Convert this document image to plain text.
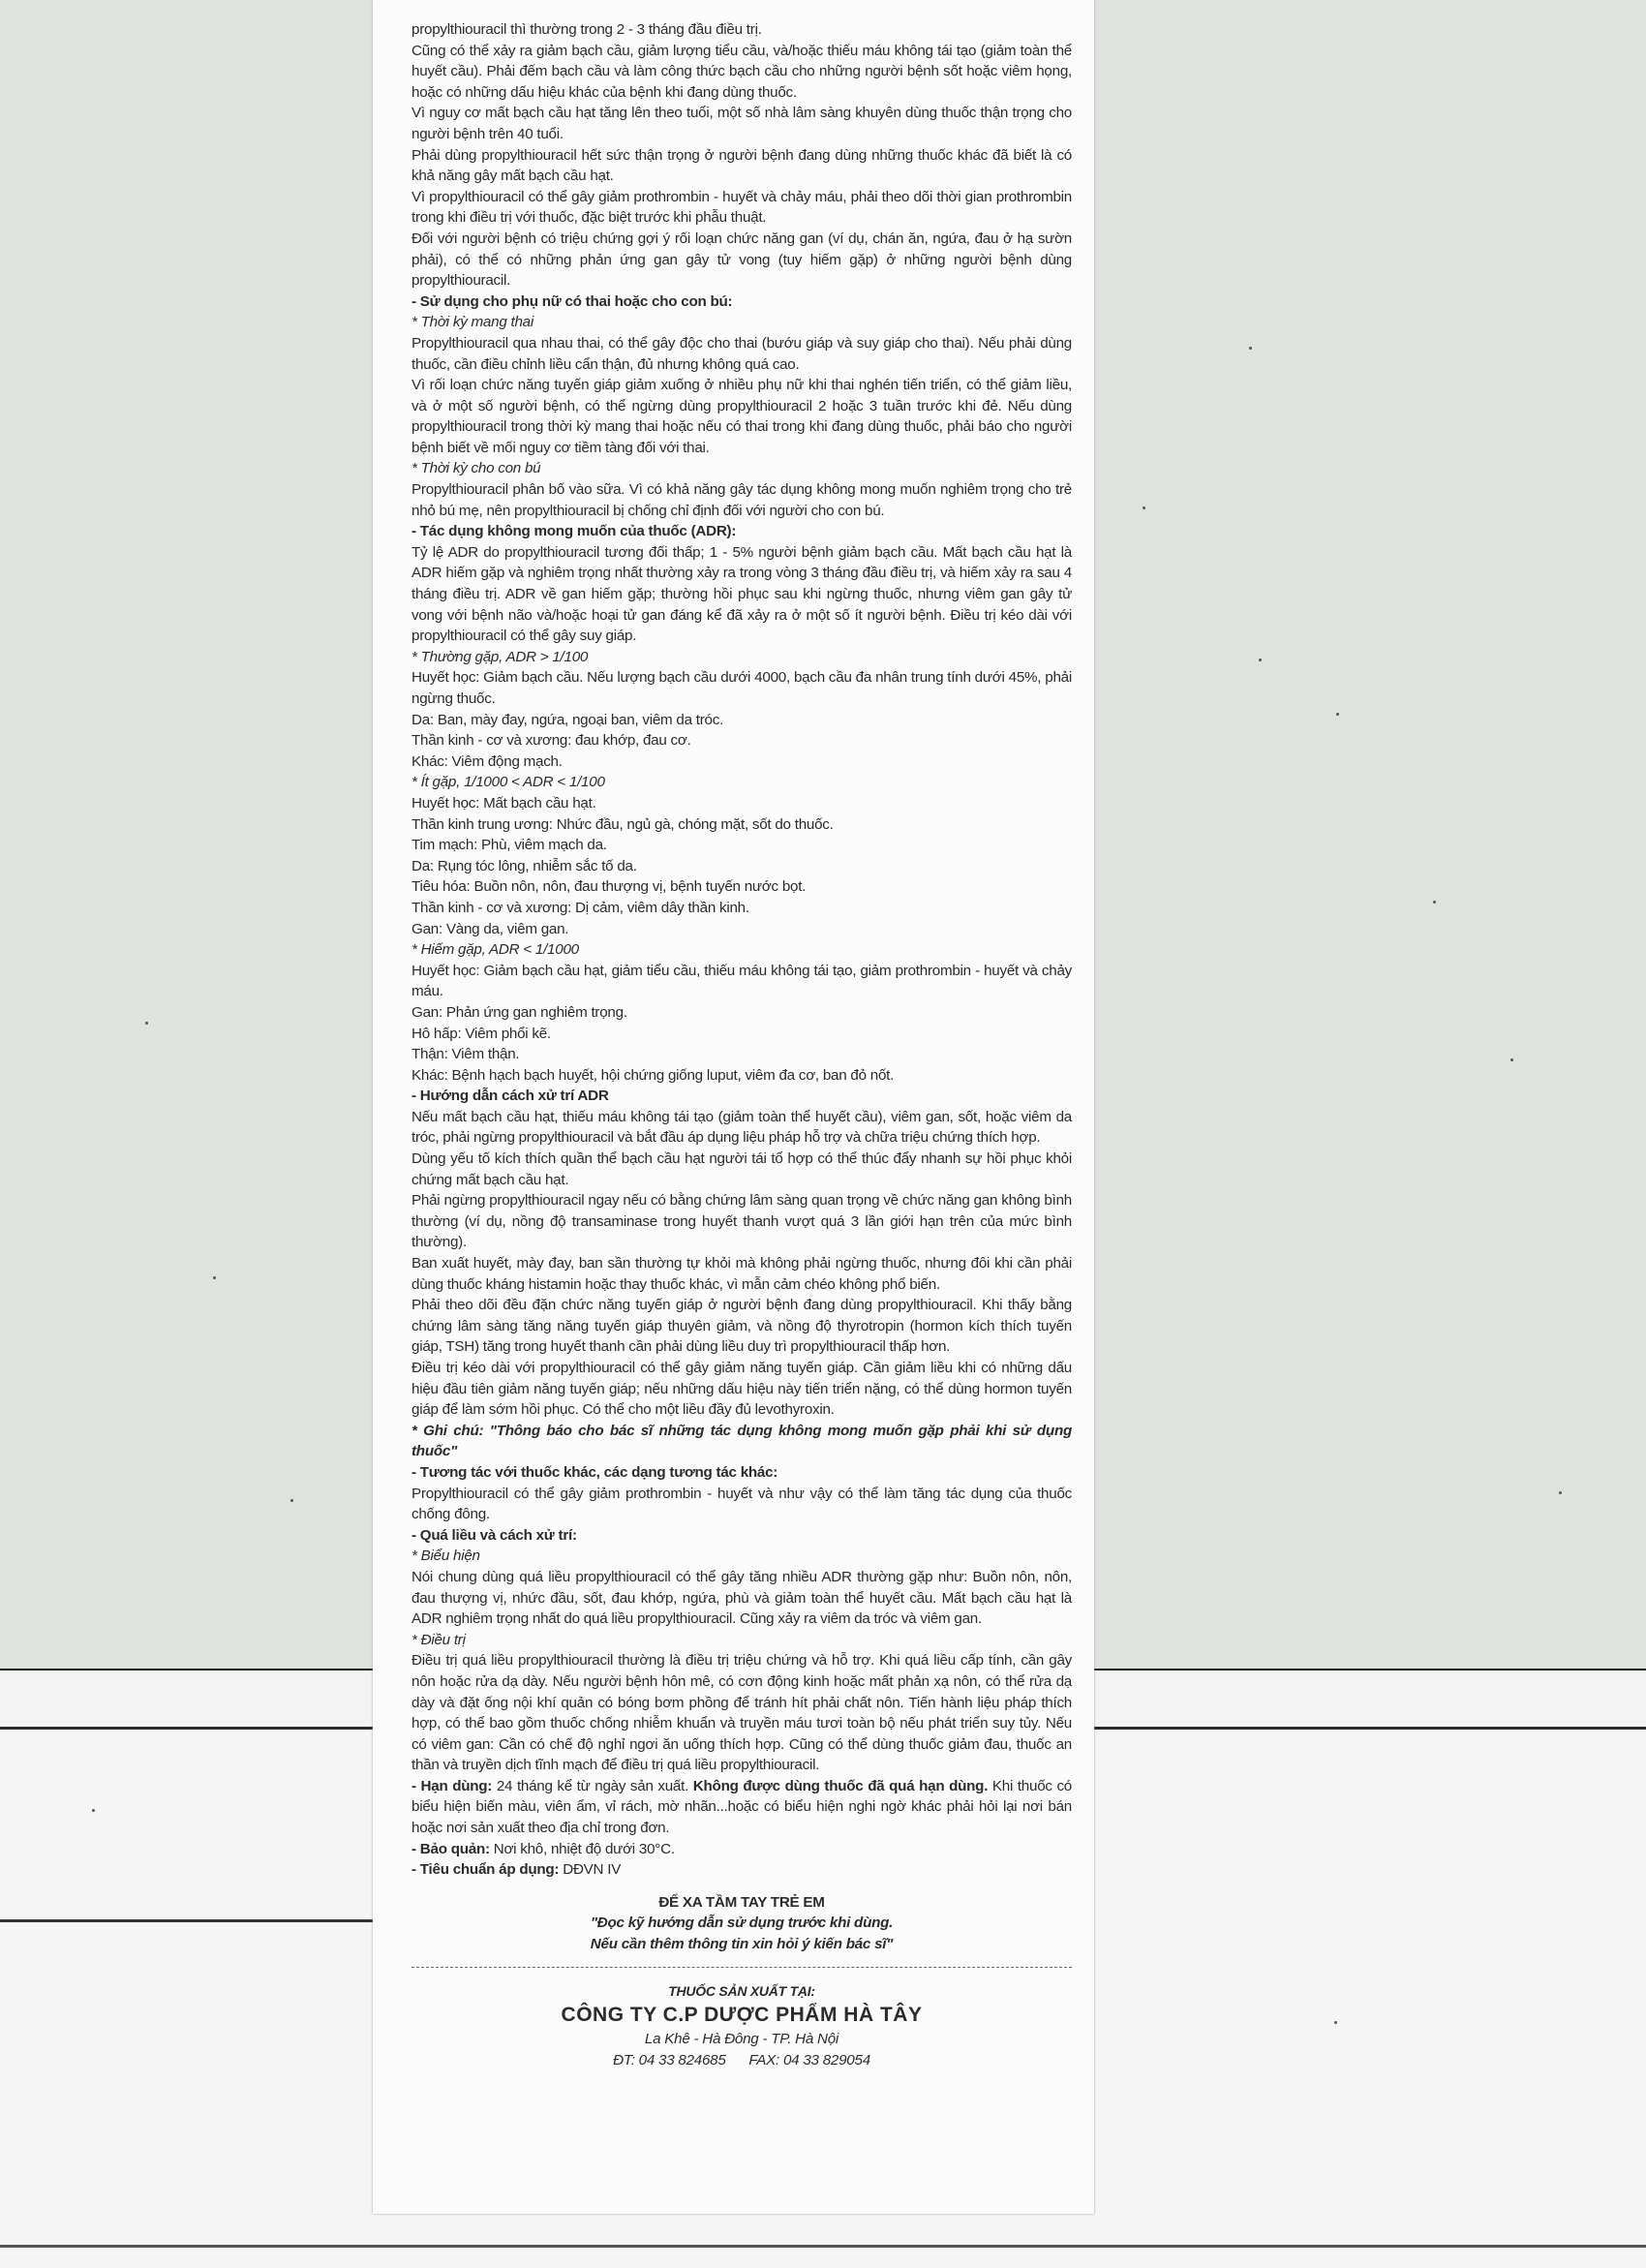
propylthiouracil thì thường trong 2 - 3 tháng đầu điều trị.

Cũng có thể xảy ra giảm bạch cầu, giảm lượng tiểu cầu, và/hoặc thiếu máu không tái tạo (giảm toàn thể huyết cầu). Phải đếm bạch cầu và làm công thức bạch cầu cho những người bệnh sốt hoặc viêm họng, hoặc có những dấu hiệu khác của bệnh khi đang dùng thuốc.

Vì nguy cơ mất bạch cầu hạt tăng lên theo tuổi, một số nhà lâm sàng khuyên dùng thuốc thận trọng cho người bệnh trên 40 tuổi.

Phải dùng propylthiouracil hết sức thận trọng ở người bệnh đang dùng những thuốc khác đã biết là có khả năng gây mất bạch cầu hạt.

Vì propylthiouracil có thể gây giảm prothrombin - huyết và chảy máu, phải theo dõi thời gian prothrombin trong khi điều trị với thuốc, đặc biệt trước khi phẫu thuật.

Đối với người bệnh có triệu chứng gợi ý rối loạn chức năng gan (ví dụ, chán ăn, ngứa, đau ở hạ sườn phải), có thể có những phản ứng gan gây tử vong (tuy hiếm gặp) ở những người bệnh dùng propylthiouracil.

- Sử dụng cho phụ nữ có thai hoặc cho con bú:

* Thời kỳ mang thai

Propylthiouracil qua nhau thai, có thể gây độc cho thai (bướu giáp và suy giáp cho thai). Nếu phải dùng thuốc, cần điều chỉnh liều cẩn thận, đủ nhưng không quá cao.

Vì rối loạn chức năng tuyến giáp giảm xuống ở nhiều phụ nữ khi thai nghén tiến triển, có thể giảm liều, và ở một số người bệnh, có thể ngừng dùng propylthiouracil 2 hoặc 3 tuần trước khi đẻ. Nếu dùng propylthiouracil trong thời kỳ mang thai hoặc nếu có thai trong khi đang dùng thuốc, phải báo cho người bệnh biết về mối nguy cơ tiềm tàng đối với thai.

* Thời kỳ cho con bú

Propylthiouracil phân bố vào sữa. Vì có khả năng gây tác dụng không mong muốn nghiêm trọng cho trẻ nhỏ bú mẹ, nên propylthiouracil bị chống chỉ định đối với người cho con bú.

- Tác dụng không mong muốn của thuốc (ADR):

Tỷ lệ ADR do propylthiouracil tương đối thấp; 1 - 5% người bệnh giảm bạch cầu. Mất bạch cầu hạt là ADR hiếm gặp và nghiêm trọng nhất thường xảy ra trong vòng 3 tháng đầu điều trị, và hiếm xảy ra sau 4 tháng điều trị. ADR về gan hiếm gặp; thường hồi phục sau khi ngừng thuốc, nhưng viêm gan gây tử vong với bệnh não và/hoặc hoại tử gan đáng kể đã xảy ra ở một số ít người bệnh. Điều trị kéo dài với propylthiouracil có thể gây suy giáp.

* Thường gặp, ADR > 1/100

Huyết học: Giảm bạch cầu. Nếu lượng bạch cầu dưới 4000, bạch cầu đa nhân trung tính dưới 45%, phải ngừng thuốc.

Da: Ban, mày đay, ngứa, ngoại ban, viêm da tróc.

Thần kinh - cơ và xương: đau khớp, đau cơ.

Khác: Viêm động mạch.

* Ít gặp, 1/1000 < ADR < 1/100

Huyết học: Mất bạch cầu hạt.

Thần kinh trung ương: Nhức đầu, ngủ gà, chóng mặt, sốt do thuốc.

Tim mạch: Phù, viêm mạch da.

Da: Rụng tóc lông, nhiễm sắc tố da.

Tiêu hóa: Buồn nôn, nôn, đau thượng vị, bệnh tuyến nước bọt.

Thần kinh - cơ và xương: Dị cảm, viêm dây thần kinh.

Gan: Vàng da, viêm gan.

* Hiếm gặp, ADR < 1/1000

Huyết học: Giảm bạch cầu hạt, giảm tiểu cầu, thiếu máu không tái tạo, giảm prothrombin - huyết và chảy máu.

Gan: Phản ứng gan nghiêm trọng.

Hô hấp: Viêm phổi kẽ.

Thận: Viêm thận.

Khác: Bệnh hạch bạch huyết, hội chứng giống luput, viêm đa cơ, ban đỏ nốt.

- Hướng dẫn cách xử trí ADR

Nếu mất bạch cầu hạt, thiếu máu không tái tạo (giảm toàn thể huyết cầu), viêm gan, sốt, hoặc viêm da tróc, phải ngừng propylthiouracil và bắt đầu áp dụng liệu pháp hỗ trợ và chữa triệu chứng thích hợp.

Dùng yếu tố kích thích quần thể bạch cầu hạt người tái tổ hợp có thể thúc đẩy nhanh sự hồi phục khỏi chứng mất bạch cầu hạt.

Phải ngừng propylthiouracil ngay nếu có bằng chứng lâm sàng quan trọng về chức năng gan không bình thường (ví dụ, nồng độ transaminase trong huyết thanh vượt quá 3 lần giới hạn trên của mức bình thường).

Ban xuất huyết, mày đay, ban sần thường tự khỏi mà không phải ngừng thuốc, nhưng đôi khi cần phải dùng thuốc kháng histamin hoặc thay thuốc khác, vì mẫn cảm chéo không phổ biến.

Phải theo dõi đều đặn chức năng tuyến giáp ở người bệnh đang dùng propylthiouracil. Khi thấy bằng chứng lâm sàng tăng năng tuyến giáp thuyên giảm, và nồng độ thyrotropin (hormon kích thích tuyến giáp, TSH) tăng trong huyết thanh cần phải dùng liều duy trì propylthiouracil thấp hơn.

Điều trị kéo dài với propylthiouracil có thể gây giảm năng tuyến giáp. Cần giảm liều khi có những dấu hiệu đầu tiên giảm năng tuyến giáp; nếu những dấu hiệu này tiến triển nặng, có thể dùng hormon tuyến giáp để làm sớm hồi phục. Có thể cho một liều đầy đủ levothyroxin.

* Ghi chú: "Thông báo cho bác sĩ những tác dụng không mong muốn gặp phải khi sử dụng thuốc"

- Tương tác với thuốc khác, các dạng tương tác khác:

Propylthiouracil có thể gây giảm prothrombin - huyết và như vậy có thể làm tăng tác dụng của thuốc chống đông.

- Quá liều và cách xử trí:

* Biểu hiện

Nói chung dùng quá liều propylthiouracil có thể gây tăng nhiều ADR thường gặp như: Buồn nôn, nôn, đau thượng vị, nhức đầu, sốt, đau khớp, ngứa, phù và giảm toàn thể huyết cầu. Mất bạch cầu hạt là ADR nghiêm trọng nhất do quá liều propylthiouracil. Cũng xảy ra viêm da tróc và viêm gan.

* Điều trị

Điều trị quá liều propylthiouracil thường là điều trị triệu chứng và hỗ trợ. Khi quá liều cấp tính, cần gây nôn hoặc rửa dạ dày. Nếu người bệnh hôn mê, có cơn động kinh hoặc mất phản xạ nôn, có thể rửa dạ dày và đặt ống nội khí quản có bóng bơm phồng để tránh hít phải chất nôn. Tiến hành liệu pháp thích hợp, có thể bao gồm thuốc chống nhiễm khuẩn và truyền máu tươi toàn bộ nếu phát triển suy tủy. Nếu có viêm gan: Cần có chế độ nghỉ ngơi ăn uống thích hợp. Cũng có thể dùng thuốc giảm đau, thuốc an thần và truyền dịch tĩnh mạch để điều trị quá liều propylthiouracil.

- Hạn dùng: 24 tháng kể từ ngày sản xuất. Không được dùng thuốc đã quá hạn dùng. Khi thuốc có biểu hiện biến màu, viên ẩm, vỉ rách, mờ nhãn...hoặc có biểu hiện nghi ngờ khác phải hỏi lại nơi bán hoặc nơi sản xuất theo địa chỉ trong đơn.

- Bảo quản: Nơi khô, nhiệt độ dưới 30°C.

- Tiêu chuẩn áp dụng: DĐVN IV

ĐỂ XA TẦM TAY TRẺ EM

"Đọc kỹ hướng dẫn sử dụng trước khi dùng.

Nếu cần thêm thông tin xin hỏi ý kiến bác sĩ"

THUỐC SẢN XUẤT TẠI:

CÔNG TY C.P DƯỢC PHẨM HÀ TÂY

La Khê - Hà Đông - TP. Hà Nội

ĐT: 04 33 824685      FAX: 04 33 829054
